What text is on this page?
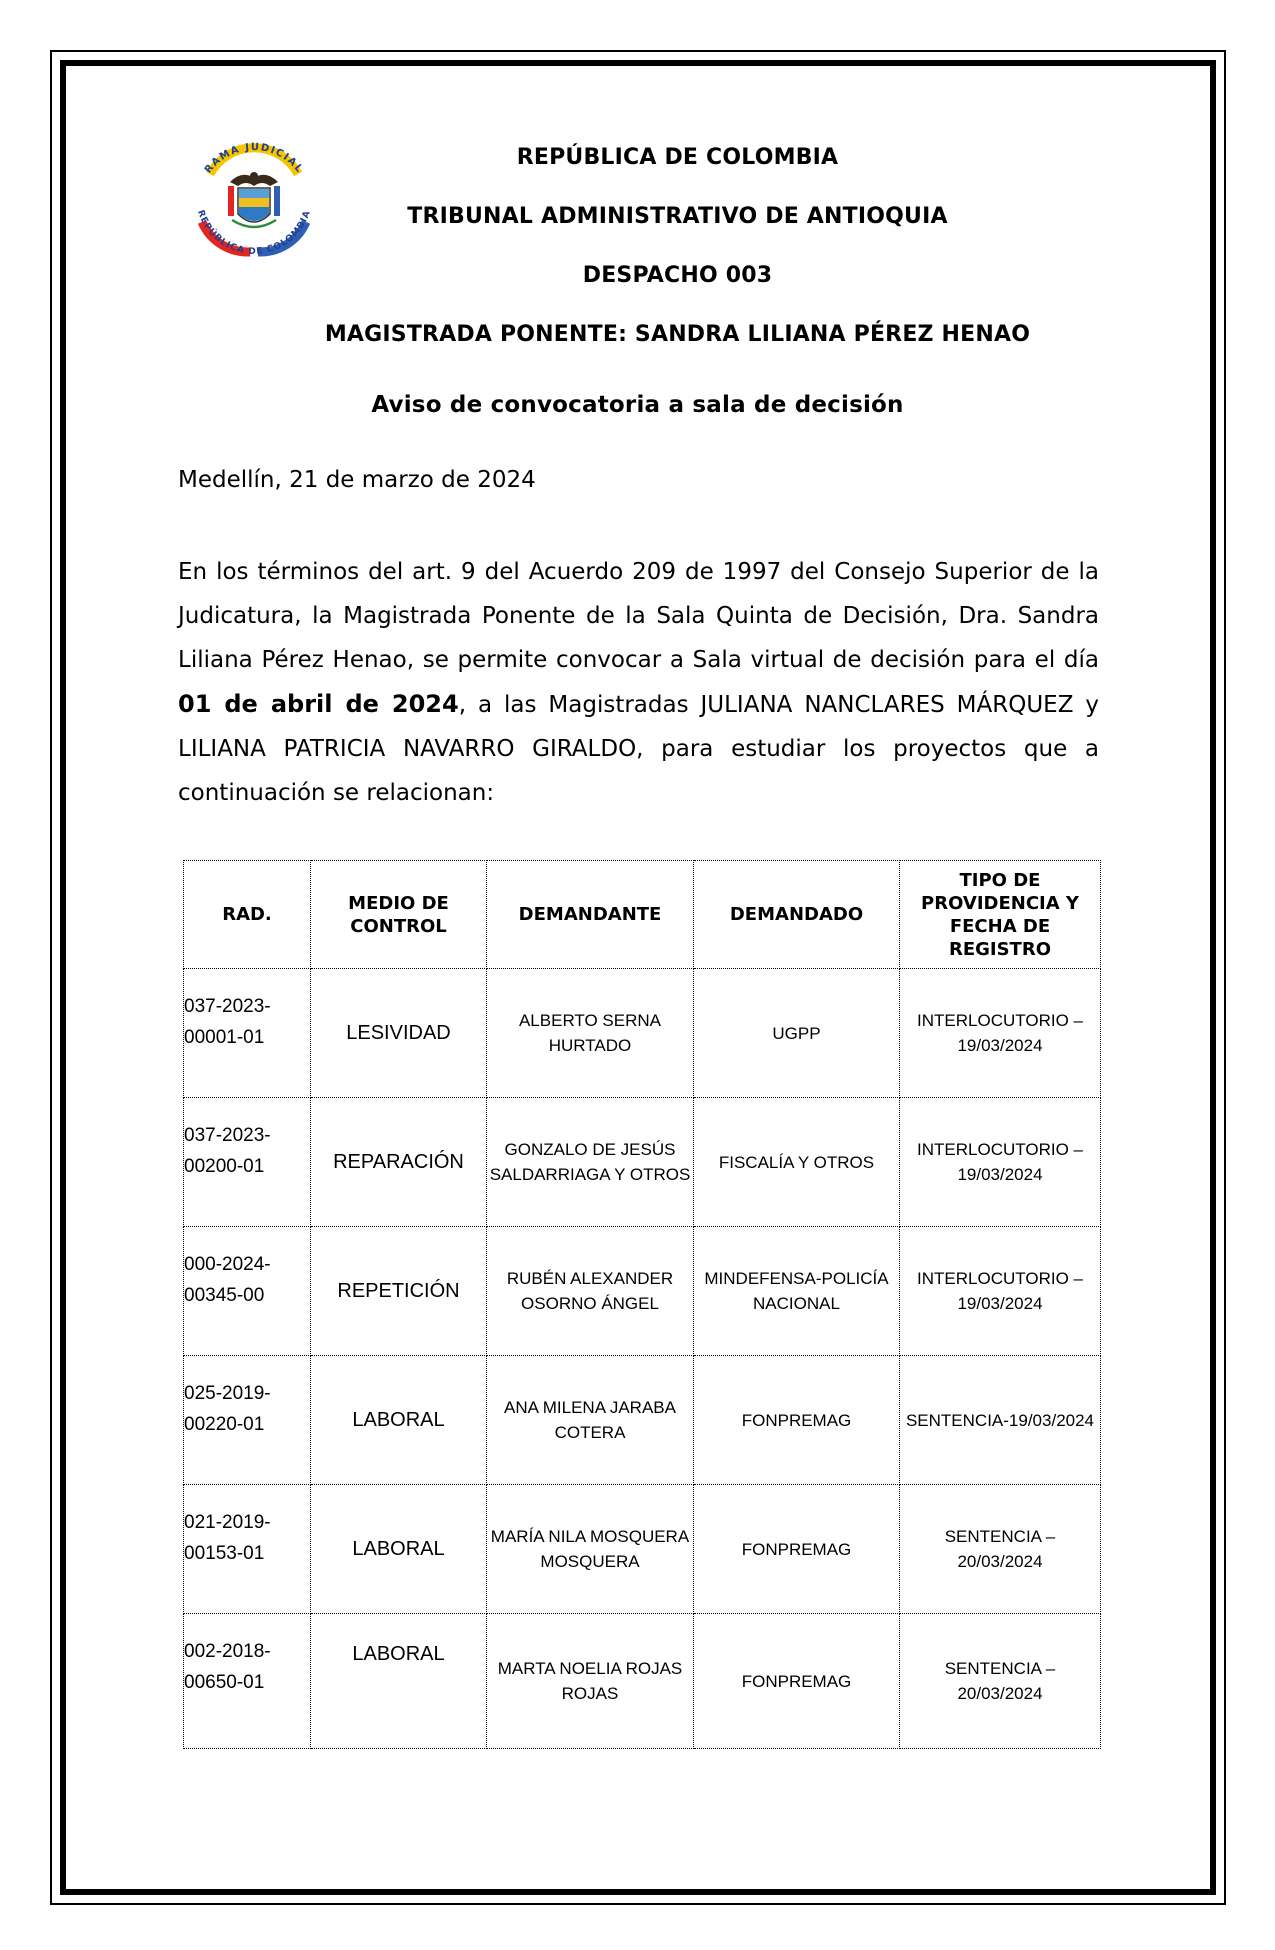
RAMA JUDICIAL
REPÚBLICA DE COLOMBIA
REPÚBLICA DE COLOMBIA
TRIBUNAL ADMINISTRATIVO DE ANTIOQUIA
DESPACHO 003
MAGISTRADA PONENTE: SANDRA LILIANA PÉREZ HENAO
Aviso de convocatoria a sala de decisión
Medellín, 21 de marzo de 2024
En los términos del art. 9 del Acuerdo 209 de 1997 del Consejo Superior de la Judicatura, la Magistrada Ponente de la Sala Quinta de Decisión, Dra. Sandra Liliana Pérez Henao, se permite convocar a Sala virtual de decisión para el día 01 de abril de 2024, a las Magistradas JULIANA NANCLARES MÁRQUEZ y LILIANA PATRICIA NAVARRO GIRALDO, para estudiar los proyectos que a continuación se relacionan:
RAD.	MEDIO DE CONTROL	DEMANDANTE	DEMANDADO	TIPO DE PROVIDENCIA Y FECHA DE REGISTRO
037-2023-00001-01	LESIVIDAD	ALBERTO SERNA HURTADO	UGPP	INTERLOCUTORIO – 19/03/2024
037-2023-00200-01	REPARACIÓN	GONZALO DE JESÚS SALDARRIAGA Y OTROS	FISCALÍA Y OTROS	INTERLOCUTORIO – 19/03/2024
000-2024-00345-00	REPETICIÓN	RUBÉN ALEXANDER OSORNO ÁNGEL	MINDEFENSA-POLICÍA NACIONAL	INTERLOCUTORIO – 19/03/2024
025-2019-00220-01	LABORAL	ANA MILENA JARABA COTERA	FONPREMAG	SENTENCIA-19/03/2024
021-2019-00153-01	LABORAL	MARÍA NILA MOSQUERA MOSQUERA	FONPREMAG	SENTENCIA – 20/03/2024
002-2018-00650-01	LABORAL	MARTA NOELIA ROJAS ROJAS	FONPREMAG	SENTENCIA – 20/03/2024
